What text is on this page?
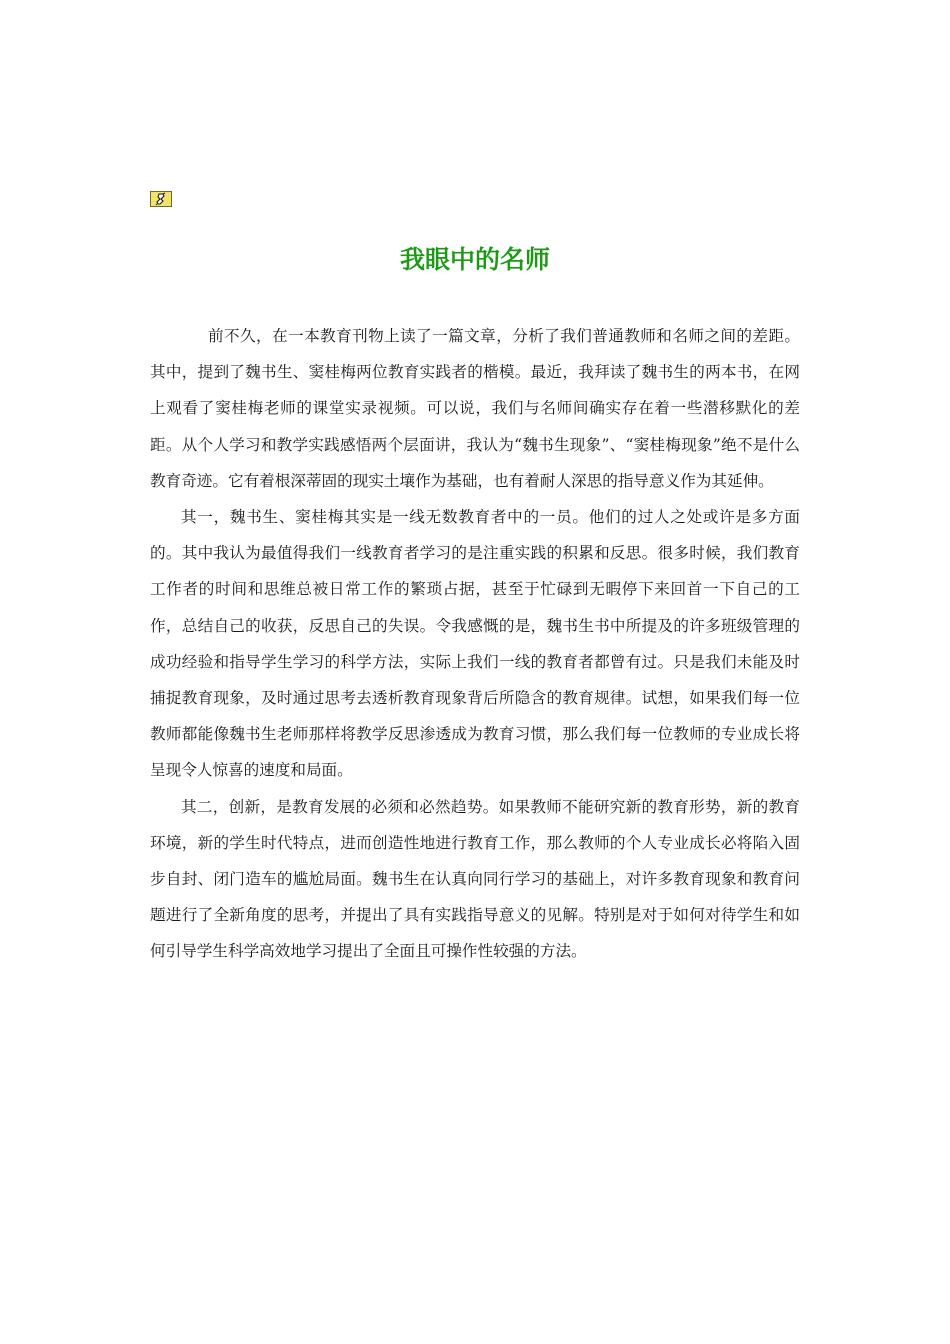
我眼中的名师

前不久，在一本教育刊物上读了一篇文章，分析了我们普通教师和名师之间的差距。其中，提到了魏书生、窦桂梅两位教育实践者的楷模。最近，我拜读了魏书生的两本书，在网上观看了窦桂梅老师的课堂实录视频。可以说，我们与名师间确实存在着一些潜移默化的差距。从个人学习和教学实践感悟两个层面讲，我认为“魏书生现象”、“窦桂梅现象”绝不是什么教育奇迹。它有着根深蒂固的现实土壤作为基础，也有着耐人深思的指导意义作为其延伸。

其一，魏书生、窦桂梅其实是一线无数教育者中的一员。他们的过人之处或许是多方面的。其中我认为最值得我们一线教育者学习的是注重实践的积累和反思。很多时候，我们教育工作者的时间和思维总被日常工作的繁琐占据，甚至于忙碌到无暇停下来回首一下自己的工作，总结自己的收获，反思自己的失误。令我感慨的是，魏书生书中所提及的许多班级管理的成功经验和指导学生学习的科学方法，实际上我们一线的教育者都曾有过。只是我们未能及时捕捉教育现象，及时通过思考去透析教育现象背后所隐含的教育规律。试想，如果我们每一位教师都能像魏书生老师那样将教学反思渗透成为教育习惯，那么我们每一位教师的专业成长将呈现令人惊喜的速度和局面。

其二，创新，是教育发展的必须和必然趋势。如果教师不能研究新的教育形势，新的教育环境，新的学生时代特点，进而创造性地进行教育工作，那么教师的个人专业成长必将陷入固步自封、闭门造车的尴尬局面。魏书生在认真向同行学习的基础上，对许多教育现象和教育问题进行了全新角度的思考，并提出了具有实践指导意义的见解。特别是对于如何对待学生和如何引导学生科学高效地学习提出了全面且可操作性较强的方法。
